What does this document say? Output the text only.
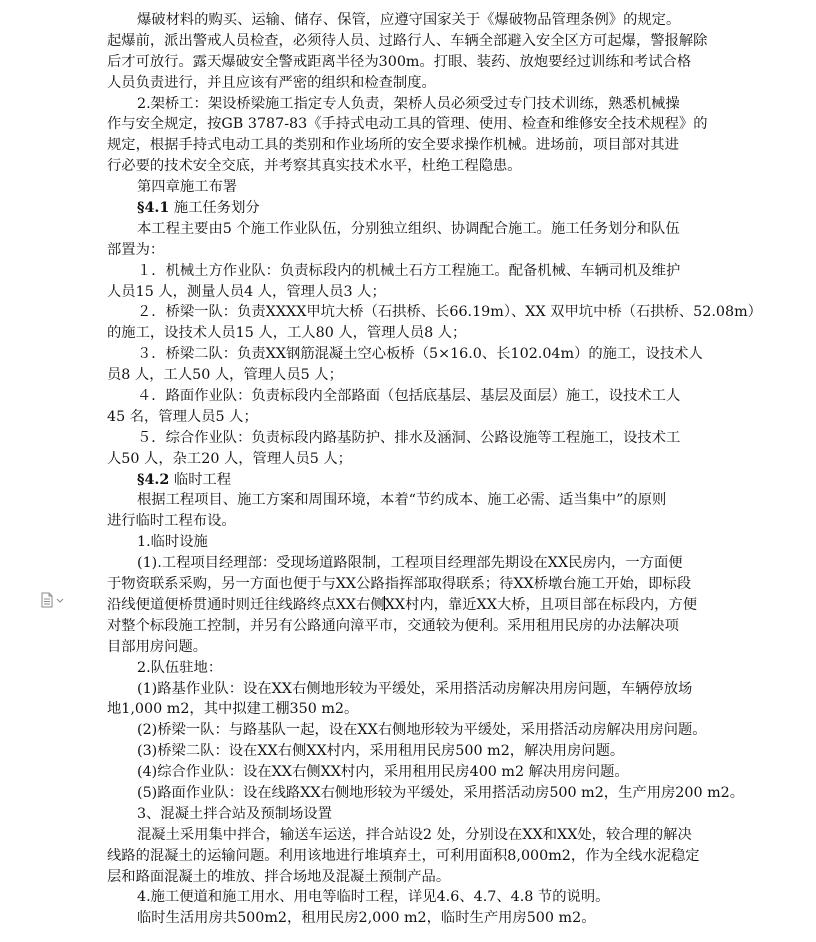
爆破材料的购买、运输、储存、保管，应遵守国家关于《爆破物品管理条例》的规定。
起爆前，派出警戒人员检查，必须待人员、过路行人、车辆全部避入安全区方可起爆，警报解除
后才可放行。露天爆破安全警戒距离半径为300m。打眼、装药、放炮要经过训练和考试合格
人员负责进行，并且应该有严密的组织和检查制度。
2.架桥工：架设桥梁施工指定专人负责，架桥人员必须受过专门技术训练，熟悉机械操
作与安全规定，按GB 3787-83《手持式电动工具的管理、使用、检查和维修安全技术规程》的
规定，根据手持式电动工具的类别和作业场所的安全要求操作机械。进场前，项目部对其进
行必要的技术安全交底，并考察其真实技术水平，杜绝工程隐患。
第四章施工布署
§4.1 施工任务划分
本工程主要由5 个施工作业队伍，分别独立组织、协调配合施工。施工任务划分和队伍
部置为：
１．机械土方作业队：负责标段内的机械土石方工程施工。配备机械、车辆司机及维护
人员15 人，测量人员4 人，管理人员3 人；
２．桥梁一队：负责XXXX甲坑大桥（石拱桥、长66.19m）、XX 双甲坑中桥（石拱桥、52.08m）
的施工，设技术人员15 人，工人80 人，管理人员8 人；
３．桥梁二队：负责XX钢筋混凝土空心板桥（5×16.0、长102.04m）的施工，设技术人
员8 人，工人50 人，管理人员5 人；
４．路面作业队：负责标段内全部路面（包括底基层、基层及面层）施工，设技术工人
45 名，管理人员5 人；
５．综合作业队：负责标段内路基防护、排水及涵洞、公路设施等工程施工，设技术工
人50 人，杂工20 人，管理人员5 人；
§4.2 临时工程
根据工程项目、施工方案和周围环境，本着“节约成本、施工必需、适当集中”的原则
进行临时工程布设。
1.临时设施
(1).工程项目经理部：受现场道路限制，工程项目经理部先期设在XX民房内，一方面便
于物资联系采购，另一方面也便于与XX公路指挥部取得联系；待XX桥墩台施工开始，即标段
沿线便道便桥贯通时则迁往线路终点XX右侧XX村内，靠近XX大桥，且项目部在标段内，方便
对整个标段施工控制，并另有公路通向漳平市，交通较为便利。采用租用民房的办法解决项
目部用房问题。
2.队伍驻地：
(1)路基作业队：设在XX右侧地形较为平缓处，采用搭活动房解决用房问题，车辆停放场
地1,000 m2，其中拟建工棚350 m2。
(2)桥梁一队：与路基队一起，设在XX右侧地形较为平缓处，采用搭活动房解决用房问题。
(3)桥梁二队：设在XX右侧XX村内，采用租用民房500 m2，解决用房问题。
(4)综合作业队：设在XX右侧XX村内，采用租用民房400 m2 解决用房问题。
(5)路面作业队：设在线路XX右侧地形较为平缓处，采用搭活动房500 m2，生产用房200 m2。
3、混凝土拌合站及预制场设置
混凝土采用集中拌合，输送车运送，拌合站设2 处，分别设在XX和XX处，较合理的解决
线路的混凝土的运输问题。利用该地进行堆填弃土，可利用面积8,000m2，作为全线水泥稳定
层和路面混凝土的堆放、拌合场地及混凝土预制产品。
4.施工便道和施工用水、用电等临时工程，详见4.6、4.7、4.8 节的说明。
临时生活用房共500m2，租用民房2,000 m2，临时生产用房500 m2。
